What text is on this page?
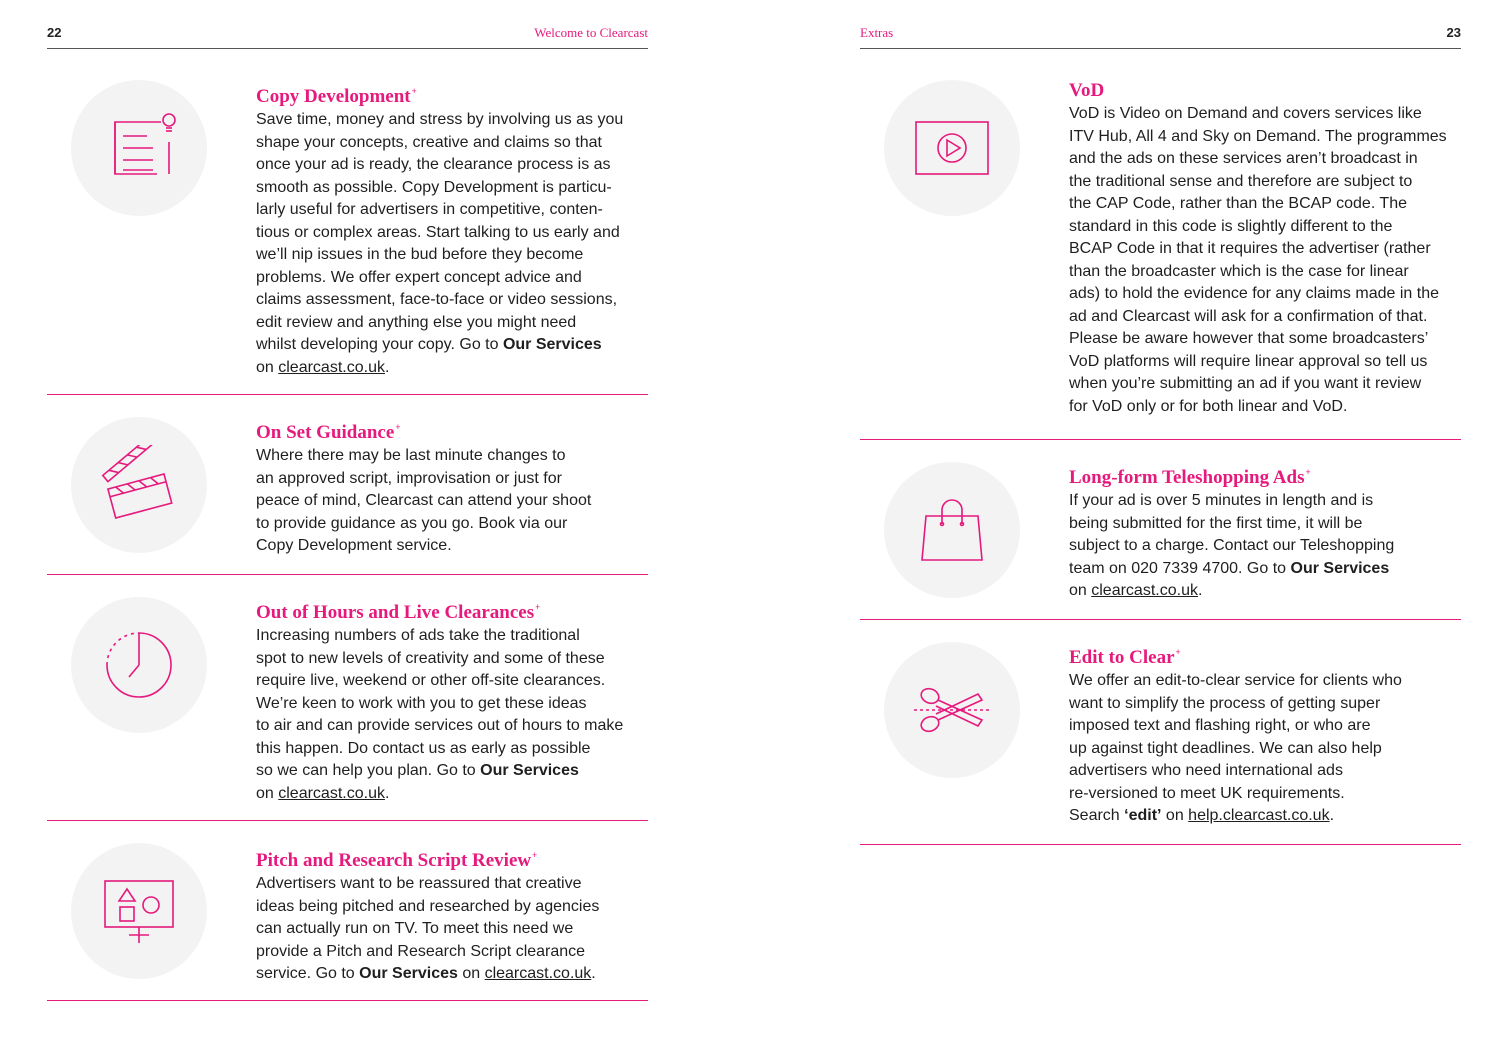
22	Welcome to Clearcast
Copy Development+

Save time, money and stress by involving us as you
shape your concepts, creative and claims so that
once your ad is ready, the clearance process is as
smooth as possible. Copy Development is particu-
larly useful for advertisers in competitive, conten-
tious or complex areas. Start talking to us early and
we’ll nip issues in the bud before they become
problems. We offer expert concept advice and
claims assessment, face-to-face or video sessions,
edit review and anything else you might need
whilst developing your copy. Go to Our Services
on clearcast.co.uk.

On Set Guidance+

Where there may be last minute changes to
an approved script, improvisation or just for
peace of mind, Clearcast can attend your shoot
to provide guidance as you go. Book via our
Copy Development service.

Out of Hours and Live Clearances+

Increasing numbers of ads take the traditional
spot to new levels of creativity and some of these
require live, weekend or other off-site clearances.
We’re keen to work with you to get these ideas
to air and can provide services out of hours to make
this happen. Do contact us as early as possible
so we can help you plan. Go to Our Services
on clearcast.co.uk.

Pitch and Research Script Review+

Advertisers want to be reassured that creative
ideas being pitched and researched by agencies
can actually run on TV. To meet this need we
provide a Pitch and Research Script clearance
service. Go to Our Services on clearcast.co.uk.

Extras	23
VoD

VoD is Video on Demand and covers services like
ITV Hub, All 4 and Sky on Demand. The programmes
and the ads on these services aren’t broadcast in
the traditional sense and therefore are subject to
the CAP Code, rather than the BCAP code. The
standard in this code is slightly different to the
BCAP Code in that it requires the advertiser (rather
than the broadcaster which is the case for linear
ads) to hold the evidence for any claims made in the
ad and Clearcast will ask for a confirmation of that.
Please be aware however that some broadcasters’
VoD platforms will require linear approval so tell us
when you’re submitting an ad if you want it review
for VoD only or for both linear and VoD.

Long-form Teleshopping Ads+

If your ad is over 5 minutes in length and is
being submitted for the first time, it will be
subject to a charge. Contact our Teleshopping
team on 020 7339 4700. Go to Our Services
on clearcast.co.uk.

Edit to Clear+

We offer an edit-to-clear service for clients who
want to simplify the process of getting super
imposed text and flashing right, or who are
up against tight deadlines. We can also help
advertisers who need international ads
re-versioned to meet UK requirements.
Search ‘edit’ on help.clearcast.co.uk.
